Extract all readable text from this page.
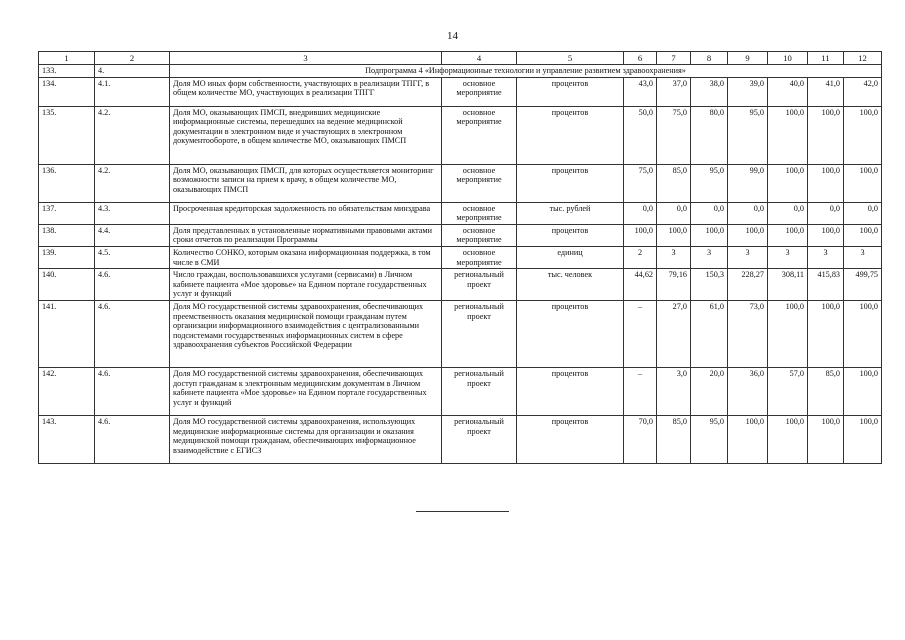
14
1	2	3	4	5	6	7	8	9	10	11	12
133.	4.	Подпрограмма 4 «Информационные технологии и управление развитием здравоохранения»									
134.	4.1.	Доля МО иных форм собственности, участвующих в реализации ТПГГ, в общем количестве МО, участвующих в реализации ТПГГ	основное мероприятие	процентов	43,0	37,0	38,0	39,0	40,0	41,0	42,0
135.	4.2.	Доля МО, оказывающих ПМСП, внедривших медицинские информационные системы, перешедших на ведение медицинской документации в электронном виде и участвующих в электронном документообороте, в общем количестве МО, оказывающих ПМСП	основное мероприятие	процентов	50,0	75,0	80,0	95,0	100,0	100,0	100,0
136.	4.2.	Доля МО, оказывающих ПМСП, для которых осуществляется мониторинг возможности записи на прием к врачу, в общем количестве МО, оказывающих ПМСП	основное мероприятие	процентов	75,0	85,0	95,0	99,0	100,0	100,0	100,0
137.	4.3.	Просроченная кредиторская задолженность по обязательствам минздрава	основное мероприятие	тыс. рублей	0,0	0,0	0,0	0,0	0,0	0,0	0,0
138.	4.4.	Доля представленных в установленные нормативными правовыми актами сроки отчетов по реализации Программы	основное мероприятие	процентов	100,0	100,0	100,0	100,0	100,0	100,0	100,0
139.	4.5.	Количество СОНКО, которым оказана информационная поддержка, в том числе в СМИ	основное мероприятие	единиц	2	3	3	3	3	3	3
140.	4.6.	Число граждан, воспользовавшихся услугами (сервисами) в Личном кабинете пациента «Мое здоровье» на Едином портале государственных услуг и функций	региональный проект	тыс. человек	44,62	79,16	150,3	228,27	308,11	415,83	499,75
141.	4.6.	Доля МО государственной системы здравоохранения, обеспечивающих преемственность оказания медицинской помощи гражданам путем организации информационного взаимодействия с централизованными подсистемами государственных информационных систем в сфере здравоохранения субъектов Российской Федерации	региональный проект	процентов	–	27,0	61,0	73,0	100,0	100,0	100,0
142.	4.6.	Доля МО государственной системы здравоохранения, обеспечивающих доступ гражданам к электронным медицинским документам в Личном кабинете пациента «Мое здоровье» на Едином портале государственных услуг и функций	региональный проект	процентов	–	3,0	20,0	36,0	57,0	85,0	100,0
143.	4.6.	Доля МО государственной системы здравоохранения, использующих медицинские информационные системы для организации и оказания медицинской помощи гражданам, обеспечивающих информационное взаимодействие с ЕГИСЗ	региональный проект	процентов	70,0	85,0	95,0	100,0	100,0	100,0	100,0
